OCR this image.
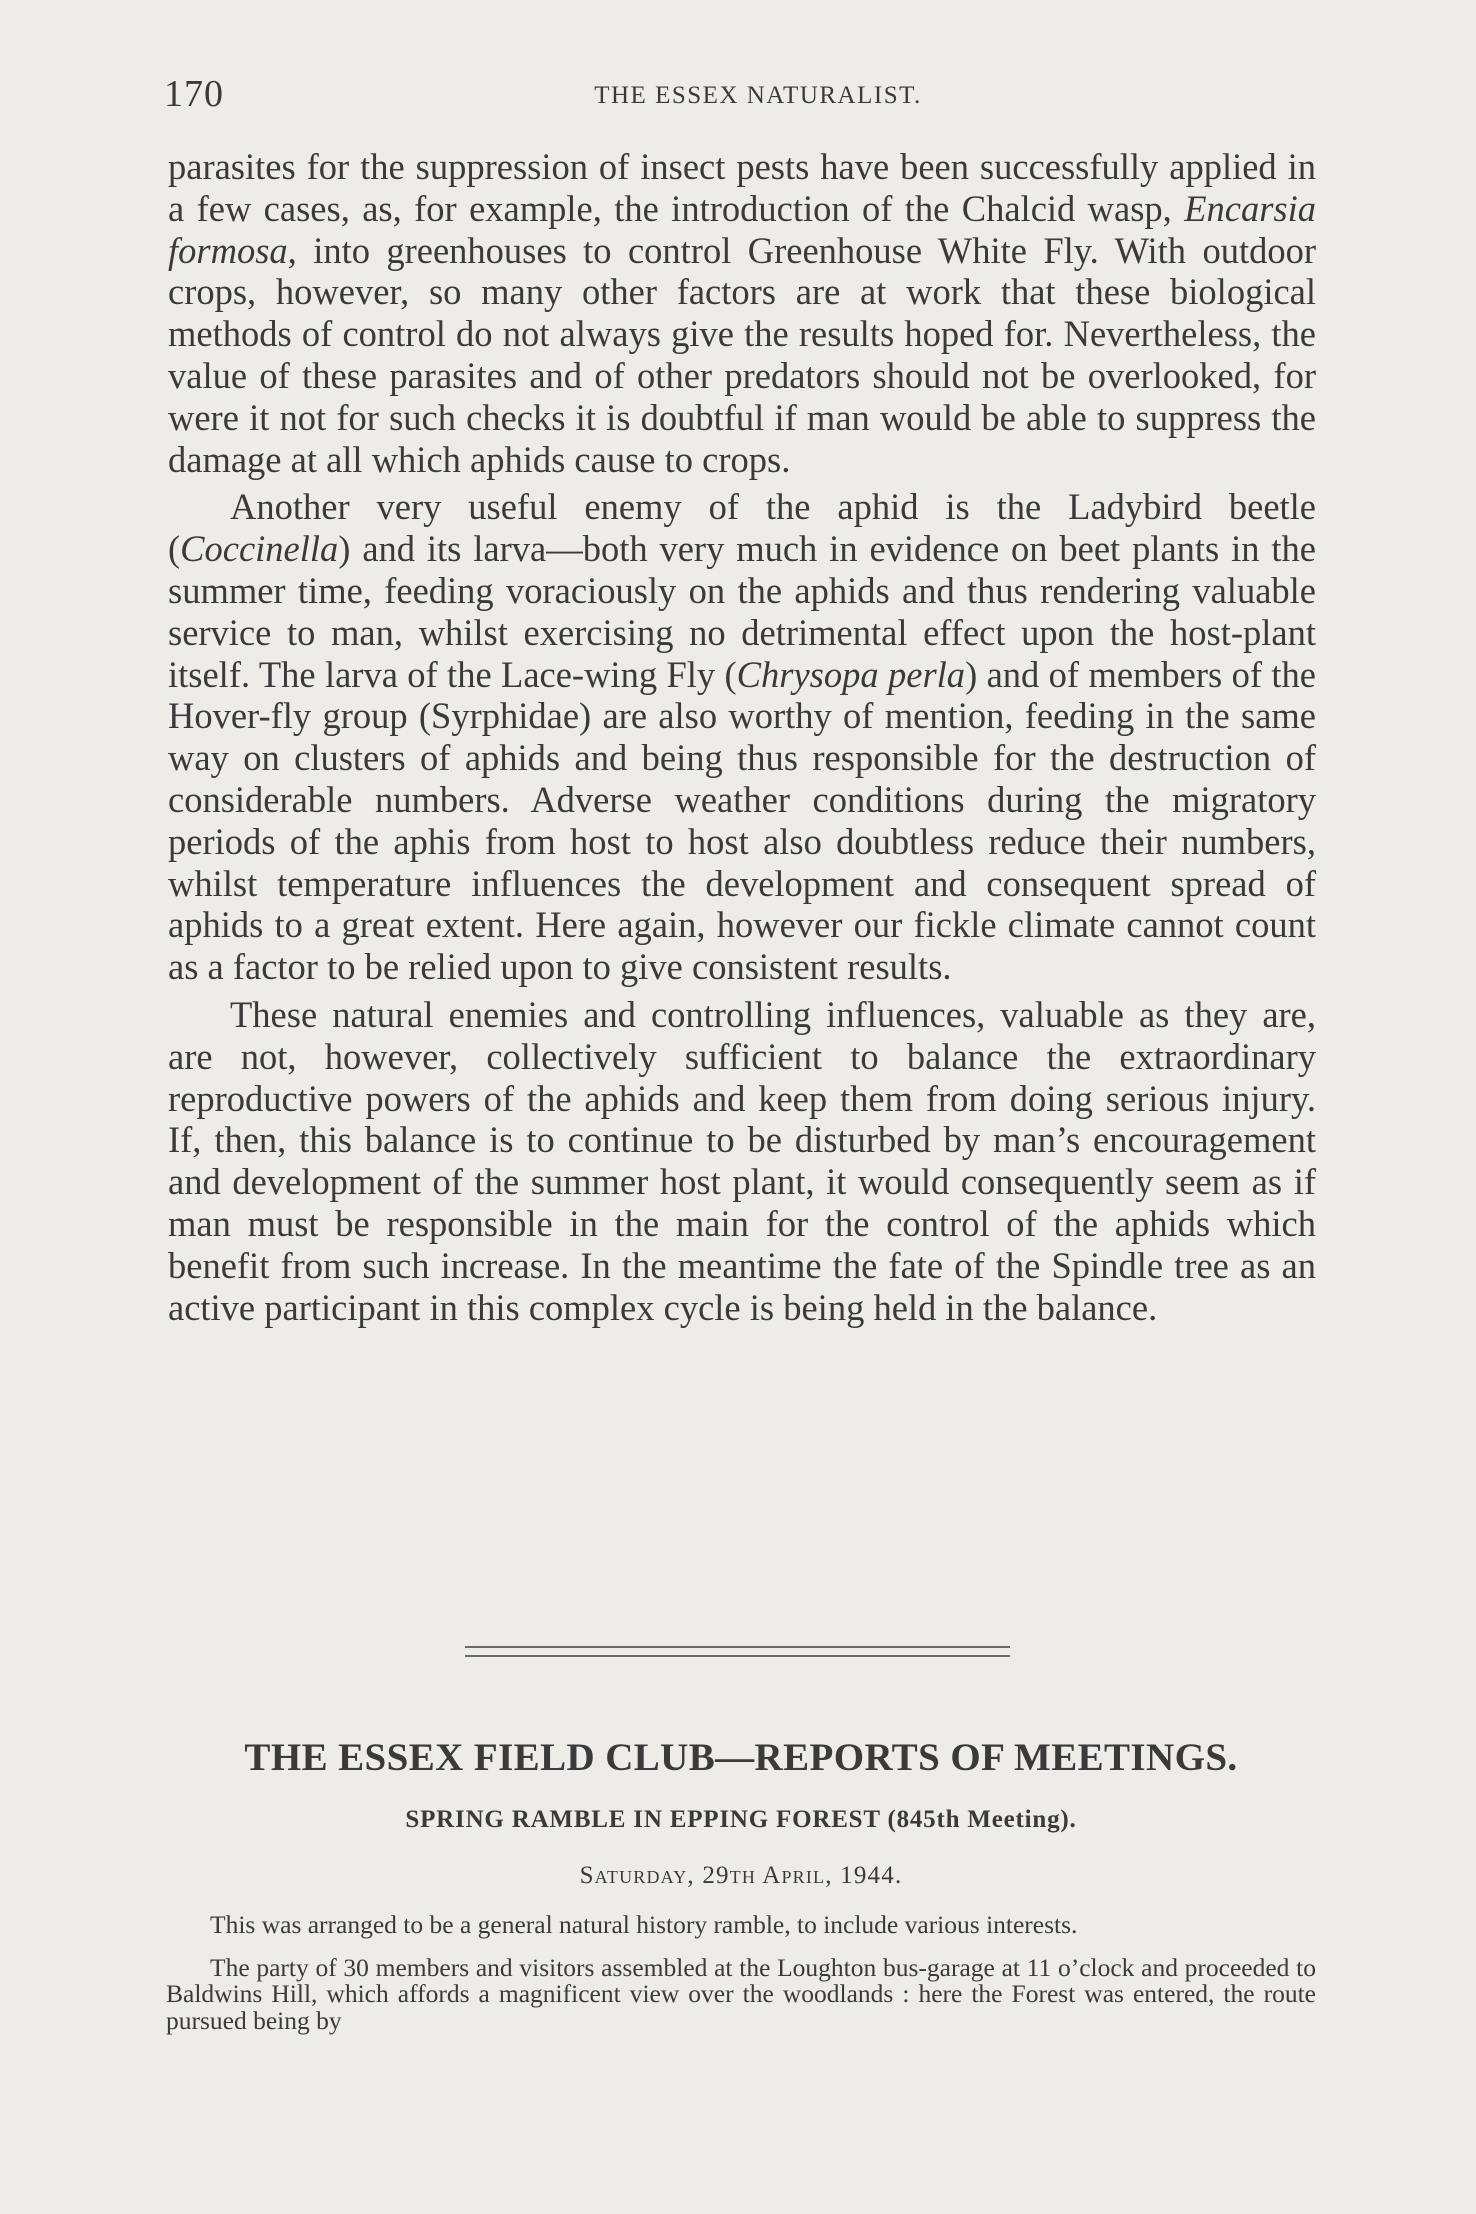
170	THE ESSEX NATURALIST.

parasites for the suppression of insect pests have been successfully applied in a few cases, as, for example, the introduction of the Chalcid wasp, Encarsia formosa, into greenhouses to control Greenhouse White Fly. With outdoor crops, however, so many other factors are at work that these biological methods of control do not always give the results hoped for. Nevertheless, the value of these parasites and of other predators should not be overlooked, for were it not for such checks it is doubtful if man would be able to suppress the damage at all which aphids cause to crops.

Another very useful enemy of the aphid is the Ladybird beetle (Coccinella) and its larva—both very much in evidence on beet plants in the summer time, feeding voraciously on the aphids and thus rendering valuable service to man, whilst exercising no detrimental effect upon the host-plant itself. The larva of the Lace-wing Fly (Chrysopa perla) and of members of the Hover-fly group (Syrphidae) are also worthy of mention, feeding in the same way on clusters of aphids and being thus responsible for the destruction of considerable numbers. Adverse weather conditions during the migratory periods of the aphis from host to host also doubtless reduce their numbers, whilst temperature influences the development and consequent spread of aphids to a great extent. Here again, however our fickle climate cannot count as a factor to be relied upon to give consistent results.

These natural enemies and controlling influences, valuable as they are, are not, however, collectively sufficient to balance the extraordinary reproductive powers of the aphids and keep them from doing serious injury. If, then, this balance is to continue to be disturbed by man’s encouragement and development of the summer host plant, it would consequently seem as if man must be responsible in the main for the control of the aphids which benefit from such increase. In the meantime the fate of the Spindle tree as an active participant in this complex cycle is being held in the balance.

THE ESSEX FIELD CLUB—REPORTS OF MEETINGS.
SPRING RAMBLE IN EPPING FOREST (845th Meeting).
Saturday, 29th April, 1944.

This was arranged to be a general natural history ramble, to include various interests.

The party of 30 members and visitors assembled at the Loughton bus-garage at 11 o’clock and proceeded to Baldwins Hill, which affords a magnificent view over the woodlands : here the Forest was entered, the route pursued being by
